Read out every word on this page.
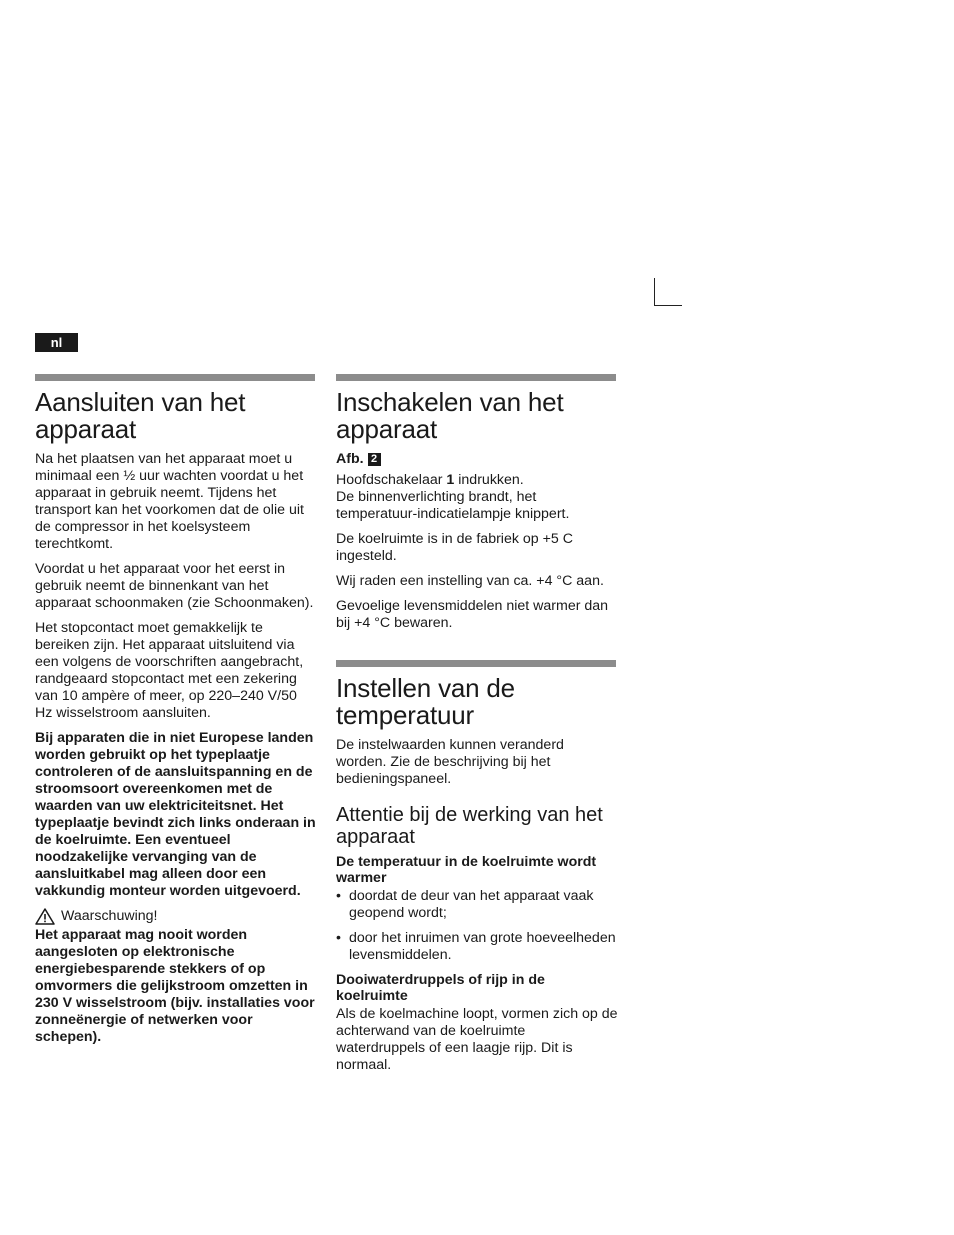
nl
Aansluiten van het apparaat

Na het plaatsen van het apparaat moet u minimaal een ½ uur wachten voordat u het apparaat in gebruik neemt. Tijdens het transport kan het voorkomen dat de olie uit de compressor in het koelsysteem terechtkomt.

Voordat u het apparaat voor het eerst in gebruik neemt de binnenkant van het apparaat schoonmaken (zie Schoonmaken).

Het stopcontact moet gemakkelijk te bereiken zijn. Het apparaat uitsluitend via een volgens de voorschriften aangebracht, randgeaard stopcontact met een zekering van 10 ampère of meer, op 220–240 V/50 Hz wisselstroom aansluiten.

Bij apparaten die in niet Europese landen worden gebruikt op het typeplaatje controleren of de aansluitspanning en de stroomsoort overeenkomen met de waarden van uw elektriciteitsnet. Het typeplaatje bevindt zich links onderaan in de koelruimte. Een eventueel noodzakelijke vervanging van de aansluitkabel mag alleen door een vakkundig monteur worden uitgevoerd.

Waarschuwing!

Het apparaat mag nooit worden aangesloten op elektronische energiebesparende stekkers of op omvormers die gelijkstroom omzetten in 230 V wisselstroom (bijv. installaties voor zonneënergie of netwerken voor schepen).

Inschakelen van het apparaat
Afb. 2

Hoofdschakelaar 1 indrukken.
De binnenverlichting brandt, het temperatuur-indicatielampje knippert.

De koelruimte is in de fabriek op +5 C ingesteld.

Wij raden een instelling van ca. +4 °C aan.

Gevoelige levensmiddelen niet warmer dan bij +4 °C bewaren.

Instellen van de temperatuur

De instelwaarden kunnen veranderd worden. Zie de beschrijving bij het bedieningspaneel.

Attentie bij de werking van het apparaat
De temperatuur in de koelruimte wordt warmer
• doordat de deur van het apparaat vaak geopend wordt;
• door het inruimen van grote hoeveelheden levensmiddelen.
Dooiwaterdruppels of rijp in de koelruimte

Als de koelmachine loopt, vormen zich op de achterwand van de koelruimte waterdruppels of een laagje rijp. Dit is normaal.
